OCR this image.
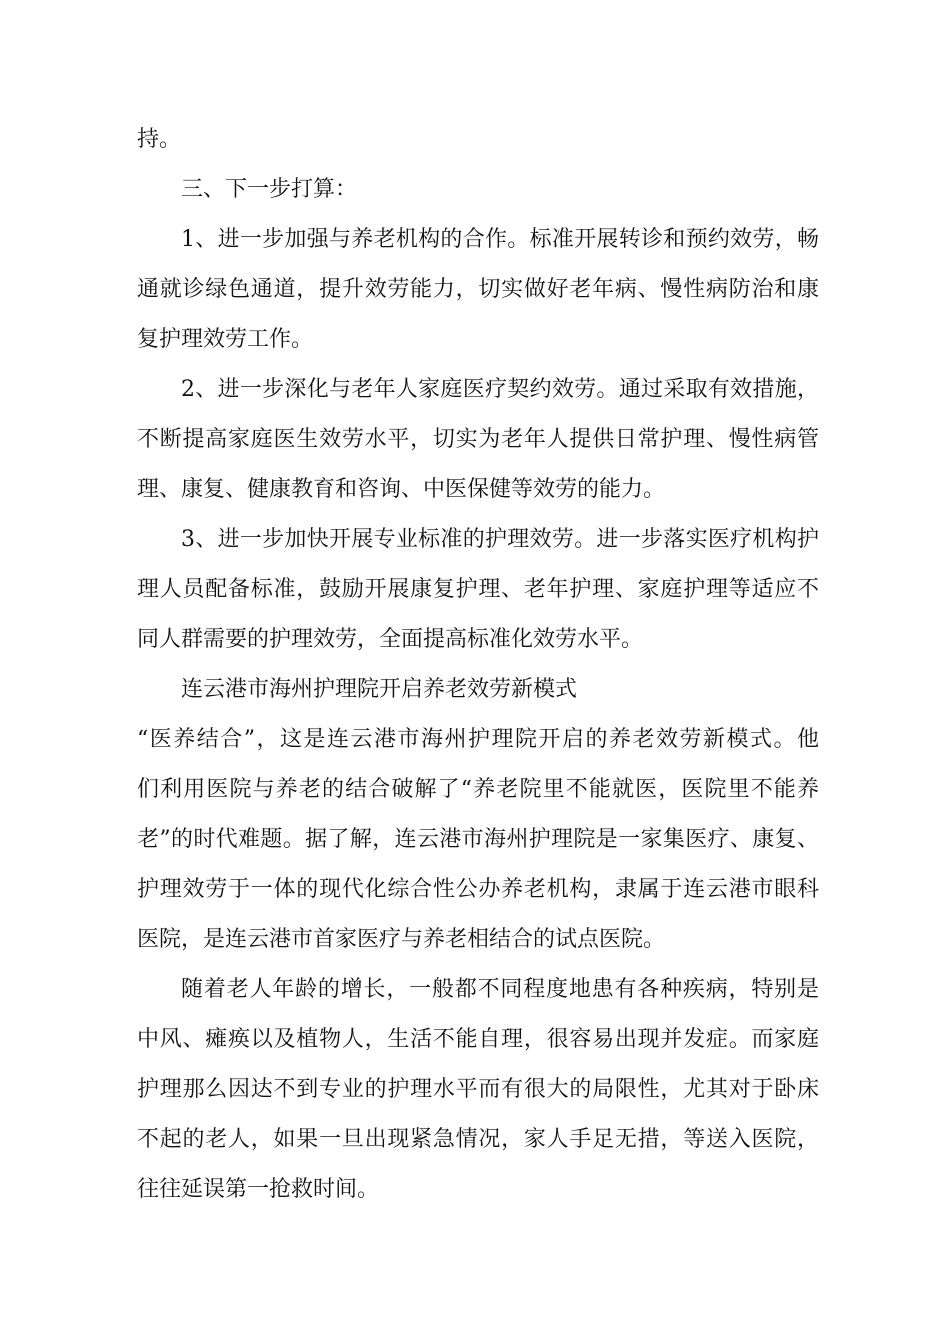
持。
三、下一步打算：
1、进一步加强与养老机构的合作。标准开展转诊和预约效劳，畅
通就诊绿色通道，提升效劳能力，切实做好老年病、慢性病防治和康
复护理效劳工作。
2、进一步深化与老年人家庭医疗契约效劳。通过采取有效措施，
不断提高家庭医生效劳水平，切实为老年人提供日常护理、慢性病管
理、康复、健康教育和咨询、中医保健等效劳的能力。
3、进一步加快开展专业标准的护理效劳。进一步落实医疗机构护
理人员配备标准，鼓励开展康复护理、老年护理、家庭护理等适应不
同人群需要的护理效劳，全面提高标准化效劳水平。
连云港市海州护理院开启养老效劳新模式
“医养结合”，这是连云港市海州护理院开启的养老效劳新模式。他
们利用医院与养老的结合破解了“养老院里不能就医，医院里不能养
老”的时代难题。据了解，连云港市海州护理院是一家集医疗、康复、
护理效劳于一体的现代化综合性公办养老机构，隶属于连云港市眼科
医院，是连云港市首家医疗与养老相结合的试点医院。
随着老人年龄的增长，一般都不同程度地患有各种疾病，特别是
中风、瘫痪以及植物人，生活不能自理，很容易出现并发症。而家庭
护理那么因达不到专业的护理水平而有很大的局限性，尤其对于卧床
不起的老人，如果一旦出现紧急情况，家人手足无措，等送入医院，
往往延误第一抢救时间。
